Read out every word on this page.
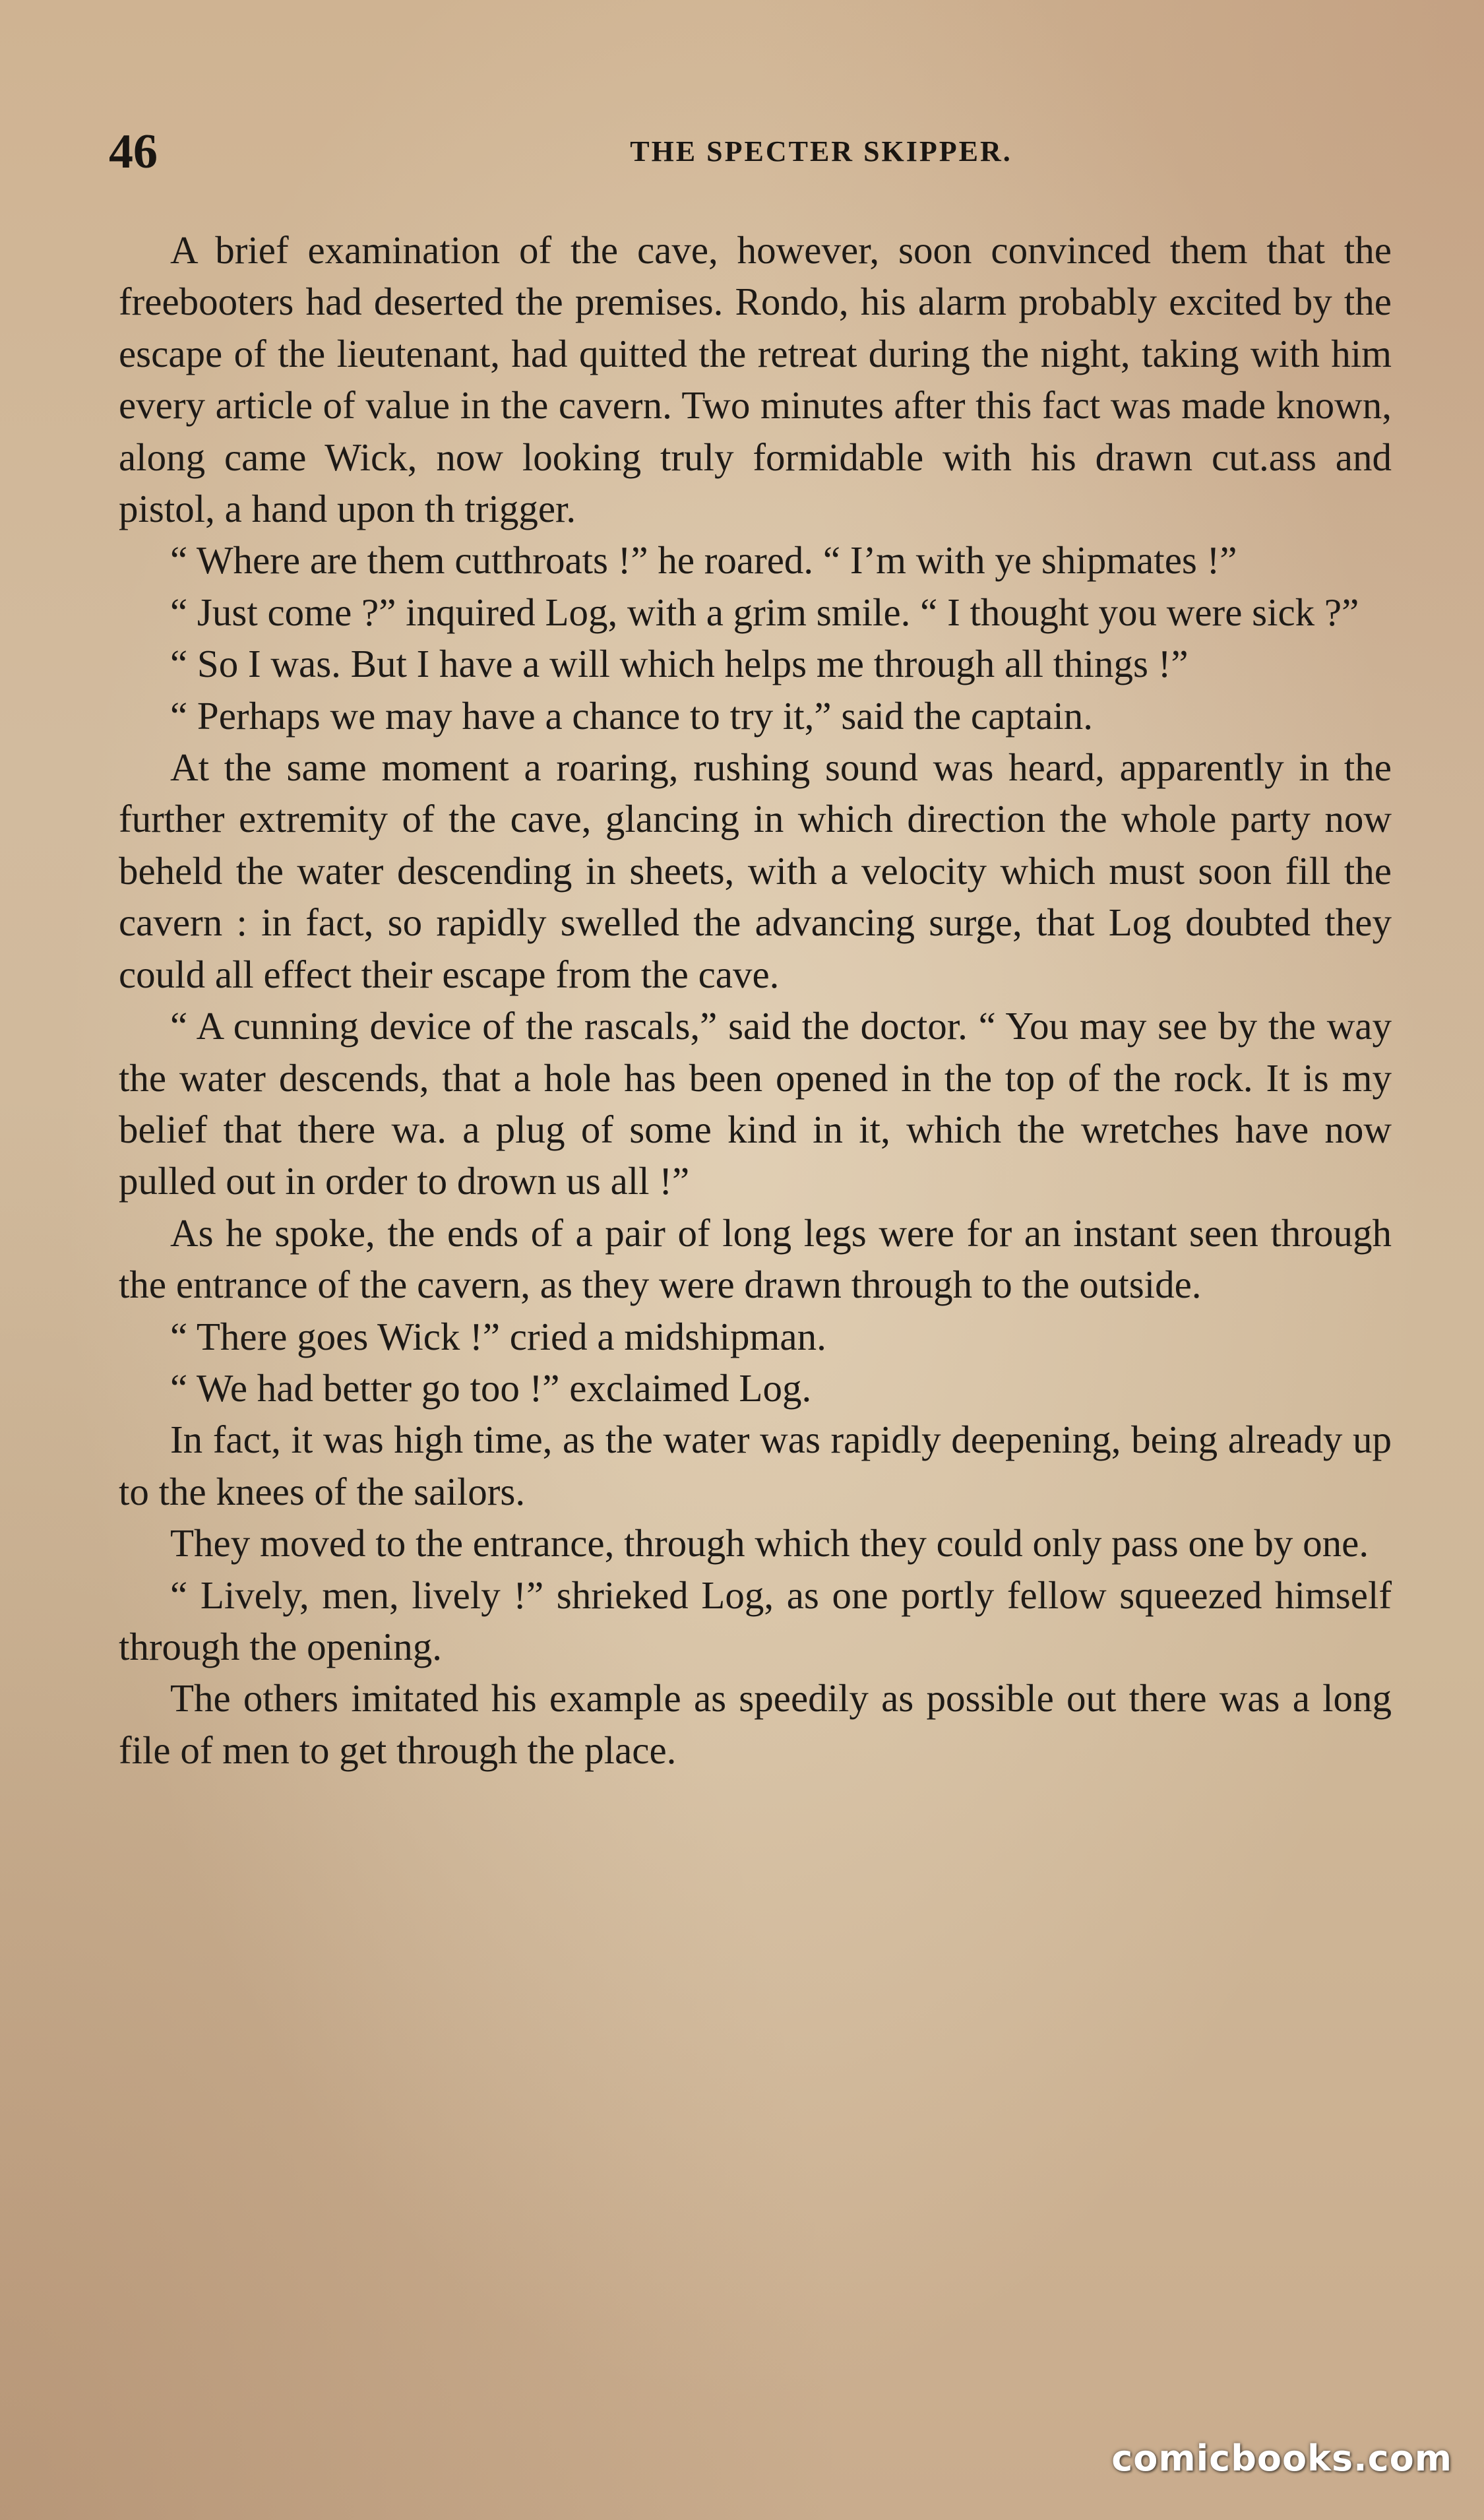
46	THE SPECTER SKIPPER.

A brief examination of the cave, however, soon convinced them that the freebooters had deserted the premises. Rondo, his alarm probably excited by the escape of the lieutenant, had quitted the retreat during the night, taking with him every article of value in the cavern. Two minutes after this fact was made known, along came Wick, now looking truly formidable with his drawn cut.ass and pistol, a hand upon th trigger.

“ Where are them cutthroats !” he roared. “ I’m with ye shipmates !”

“ Just come ?” inquired Log, with a grim smile. “ I thought you were sick ?”

“ So I was. But I have a will which helps me through all things !”

“ Perhaps we may have a chance to try it,” said the captain.

At the same moment a roaring, rushing sound was heard, apparently in the further extremity of the cave, glancing in which direction the whole party now beheld the water descending in sheets, with a velocity which must soon fill the cavern : in fact, so rapidly swelled the advancing surge, that Log doubted they could all effect their escape from the cave.

“ A cunning device of the rascals,” said the doctor. “ You may see by the way the water descends, that a hole has been opened in the top of the rock. It is my belief that there wa. a plug of some kind in it, which the wretches have now pulled out in order to drown us all !”

As he spoke, the ends of a pair of long legs were for an instant seen through the entrance of the cavern, as they were drawn through to the outside.

“ There goes Wick !” cried a midshipman.

“ We had better go too !” exclaimed Log.

In fact, it was high time, as the water was rapidly deepening, being already up to the knees of the sailors.

They moved to the entrance, through which they could only pass one by one.

“ Lively, men, lively !” shrieked Log, as one portly fellow squeezed himself through the opening.

The others imitated his example as speedily as possible out there was a long file of men to get through the place.

comicbooks.com
